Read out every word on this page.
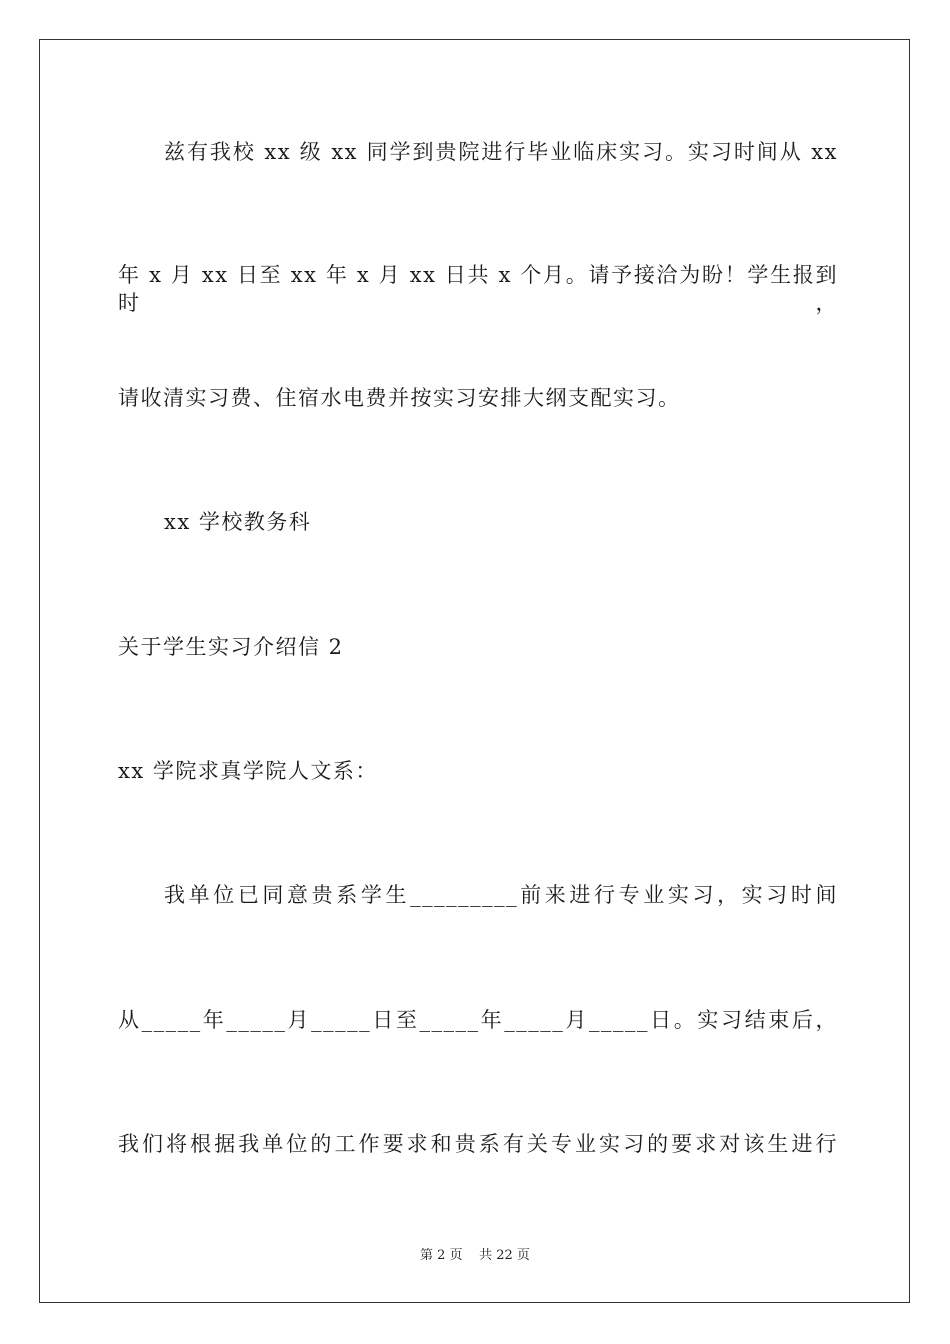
兹有我校 xx 级 xx 同学到贵院进行毕业临床实习。实习时间从 xx
年 x 月 xx 日至 xx 年 x 月 xx 日共 x 个月。请予接洽为盼！学生报到时，
请收清实习费、住宿水电费并按实习安排大纲支配实习。
xx 学校教务科
关于学生实习介绍信 2
xx 学院求真学院人文系：
我单位已同意贵系学生_________前来进行专业实习，实习时间
从_____年_____月_____日至_____年_____月_____日。实习结束后，
我们将根据我单位的工作要求和贵系有关专业实习的要求对该生进行
第 2 页 共 22 页
